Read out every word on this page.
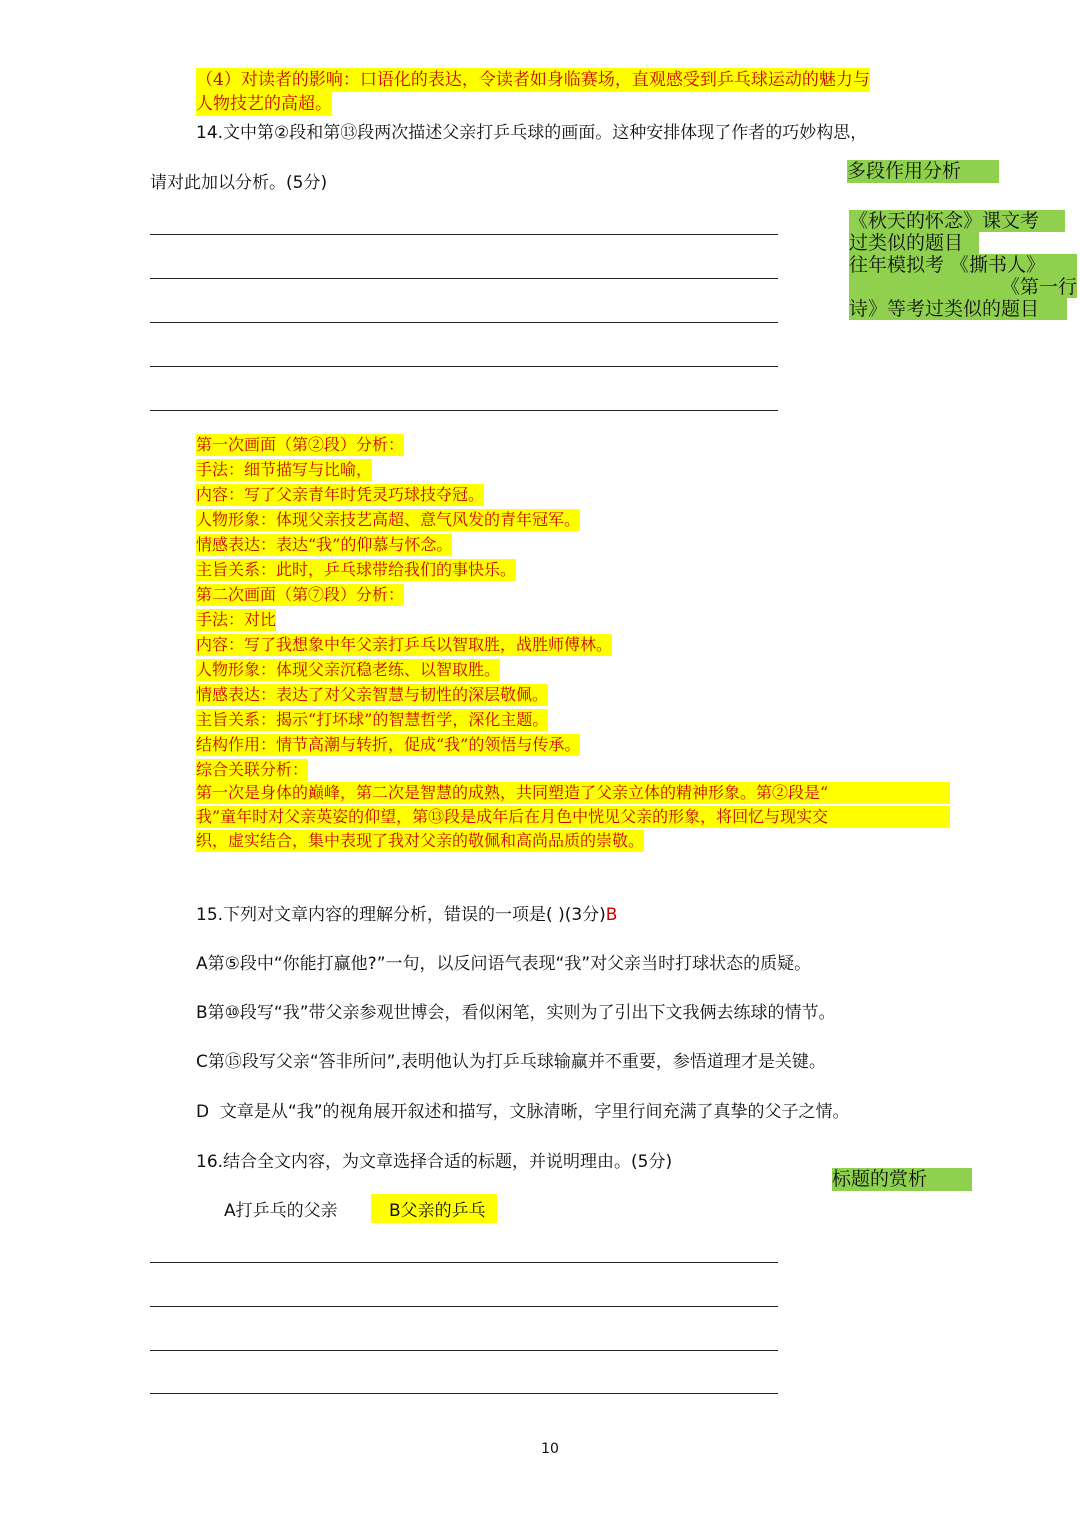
（4）对读者的影响：口语化的表达，令读者如身临赛场，直观感受到乒乓球运动的魅力与
人物技艺的高超。
14.文中第②段和第⑬段两次描述父亲打乒乓球的画面。这种安排体现了作者的巧妙构思，
请对此加以分析。(5分)
多段作用分析
《秋天的怀念》课文考
过类似的题目
往年模拟考 《撕书人》
《第一行
诗》等考过类似的题目
第一次画面（第②段）分析：
手法：细节描写与比喻，
内容：写了父亲青年时凭灵巧球技夺冠。
人物形象：体现父亲技艺高超、意气风发的青年冠军。
情感表达：表达“我”的仰慕与怀念。
主旨关系：此时，乒乓球带给我们的事快乐。
第二次画面（第⑦段）分析：
手法：对比
内容：写了我想象中年父亲打乒乓以智取胜，战胜师傅林。
人物形象：体现父亲沉稳老练、以智取胜。
情感表达：表达了对父亲智慧与韧性的深层敬佩。
主旨关系：揭示“打坏球”的智慧哲学，深化主题。
结构作用：情节高潮与转折，促成“我”的领悟与传承。
综合关联分析：
第一次是身体的巅峰，第二次是智慧的成熟，共同塑造了父亲立体的精神形象。第②段是“
我”童年时对父亲英姿的仰望，第⑬段是成年后在月色中恍见父亲的形象，将回忆与现实交
织，虚实结合，集中表现了我对父亲的敬佩和高尚品质的崇敬。
15.下列对文章内容的理解分析，错误的一项是( )(3分)B
A第⑤段中“你能打赢他?”一句，以反问语气表现“我”对父亲当时打球状态的质疑。
B第⑩段写“我”带父亲参观世博会，看似闲笔，实则为了引出下文我俩去练球的情节。
C第⑮段写父亲“答非所问”,表明他认为打乒乓球输赢并不重要，参悟道理才是关键。
D  文章是从“我”的视角展开叙述和描写，文脉清晰，字里行间充满了真挚的父子之情。
16.结合全文内容，为文章选择合适的标题，并说明理由。(5分)
标题的赏析
A打乒乓的父亲	B父亲的乒乓
10
